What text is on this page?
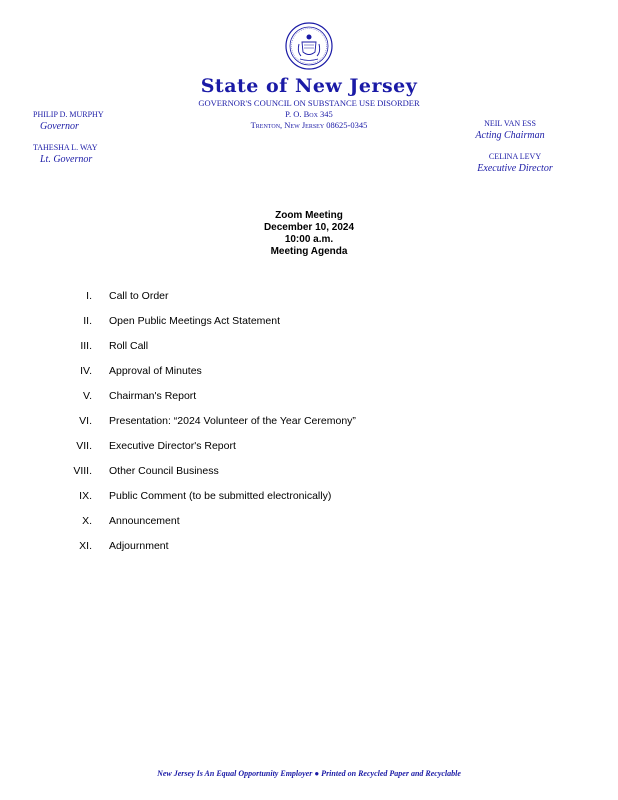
State of New Jersey
GOVERNOR'S COUNCIL ON SUBSTANCE USE DISORDER
P. O. Box 345
Trenton, New Jersey 08625-0345
PHILIP D. MURPHY
Governor
TAHESHA L. WAY
Lt. Governor
NEIL VAN ESS
Acting Chairman
CELINA LEVY
Executive Director
Zoom Meeting
December 10, 2024
10:00 a.m.
Meeting Agenda
I. Call to Order
II. Open Public Meetings Act Statement
III. Roll Call
IV. Approval of Minutes
V. Chairman's Report
VI. Presentation: “2024 Volunteer of the Year Ceremony”
VII. Executive Director's Report
VIII. Other Council Business
IX. Public Comment (to be submitted electronically)
X. Announcement
XI. Adjournment
New Jersey Is An Equal Opportunity Employer ● Printed on Recycled Paper and Recyclable
